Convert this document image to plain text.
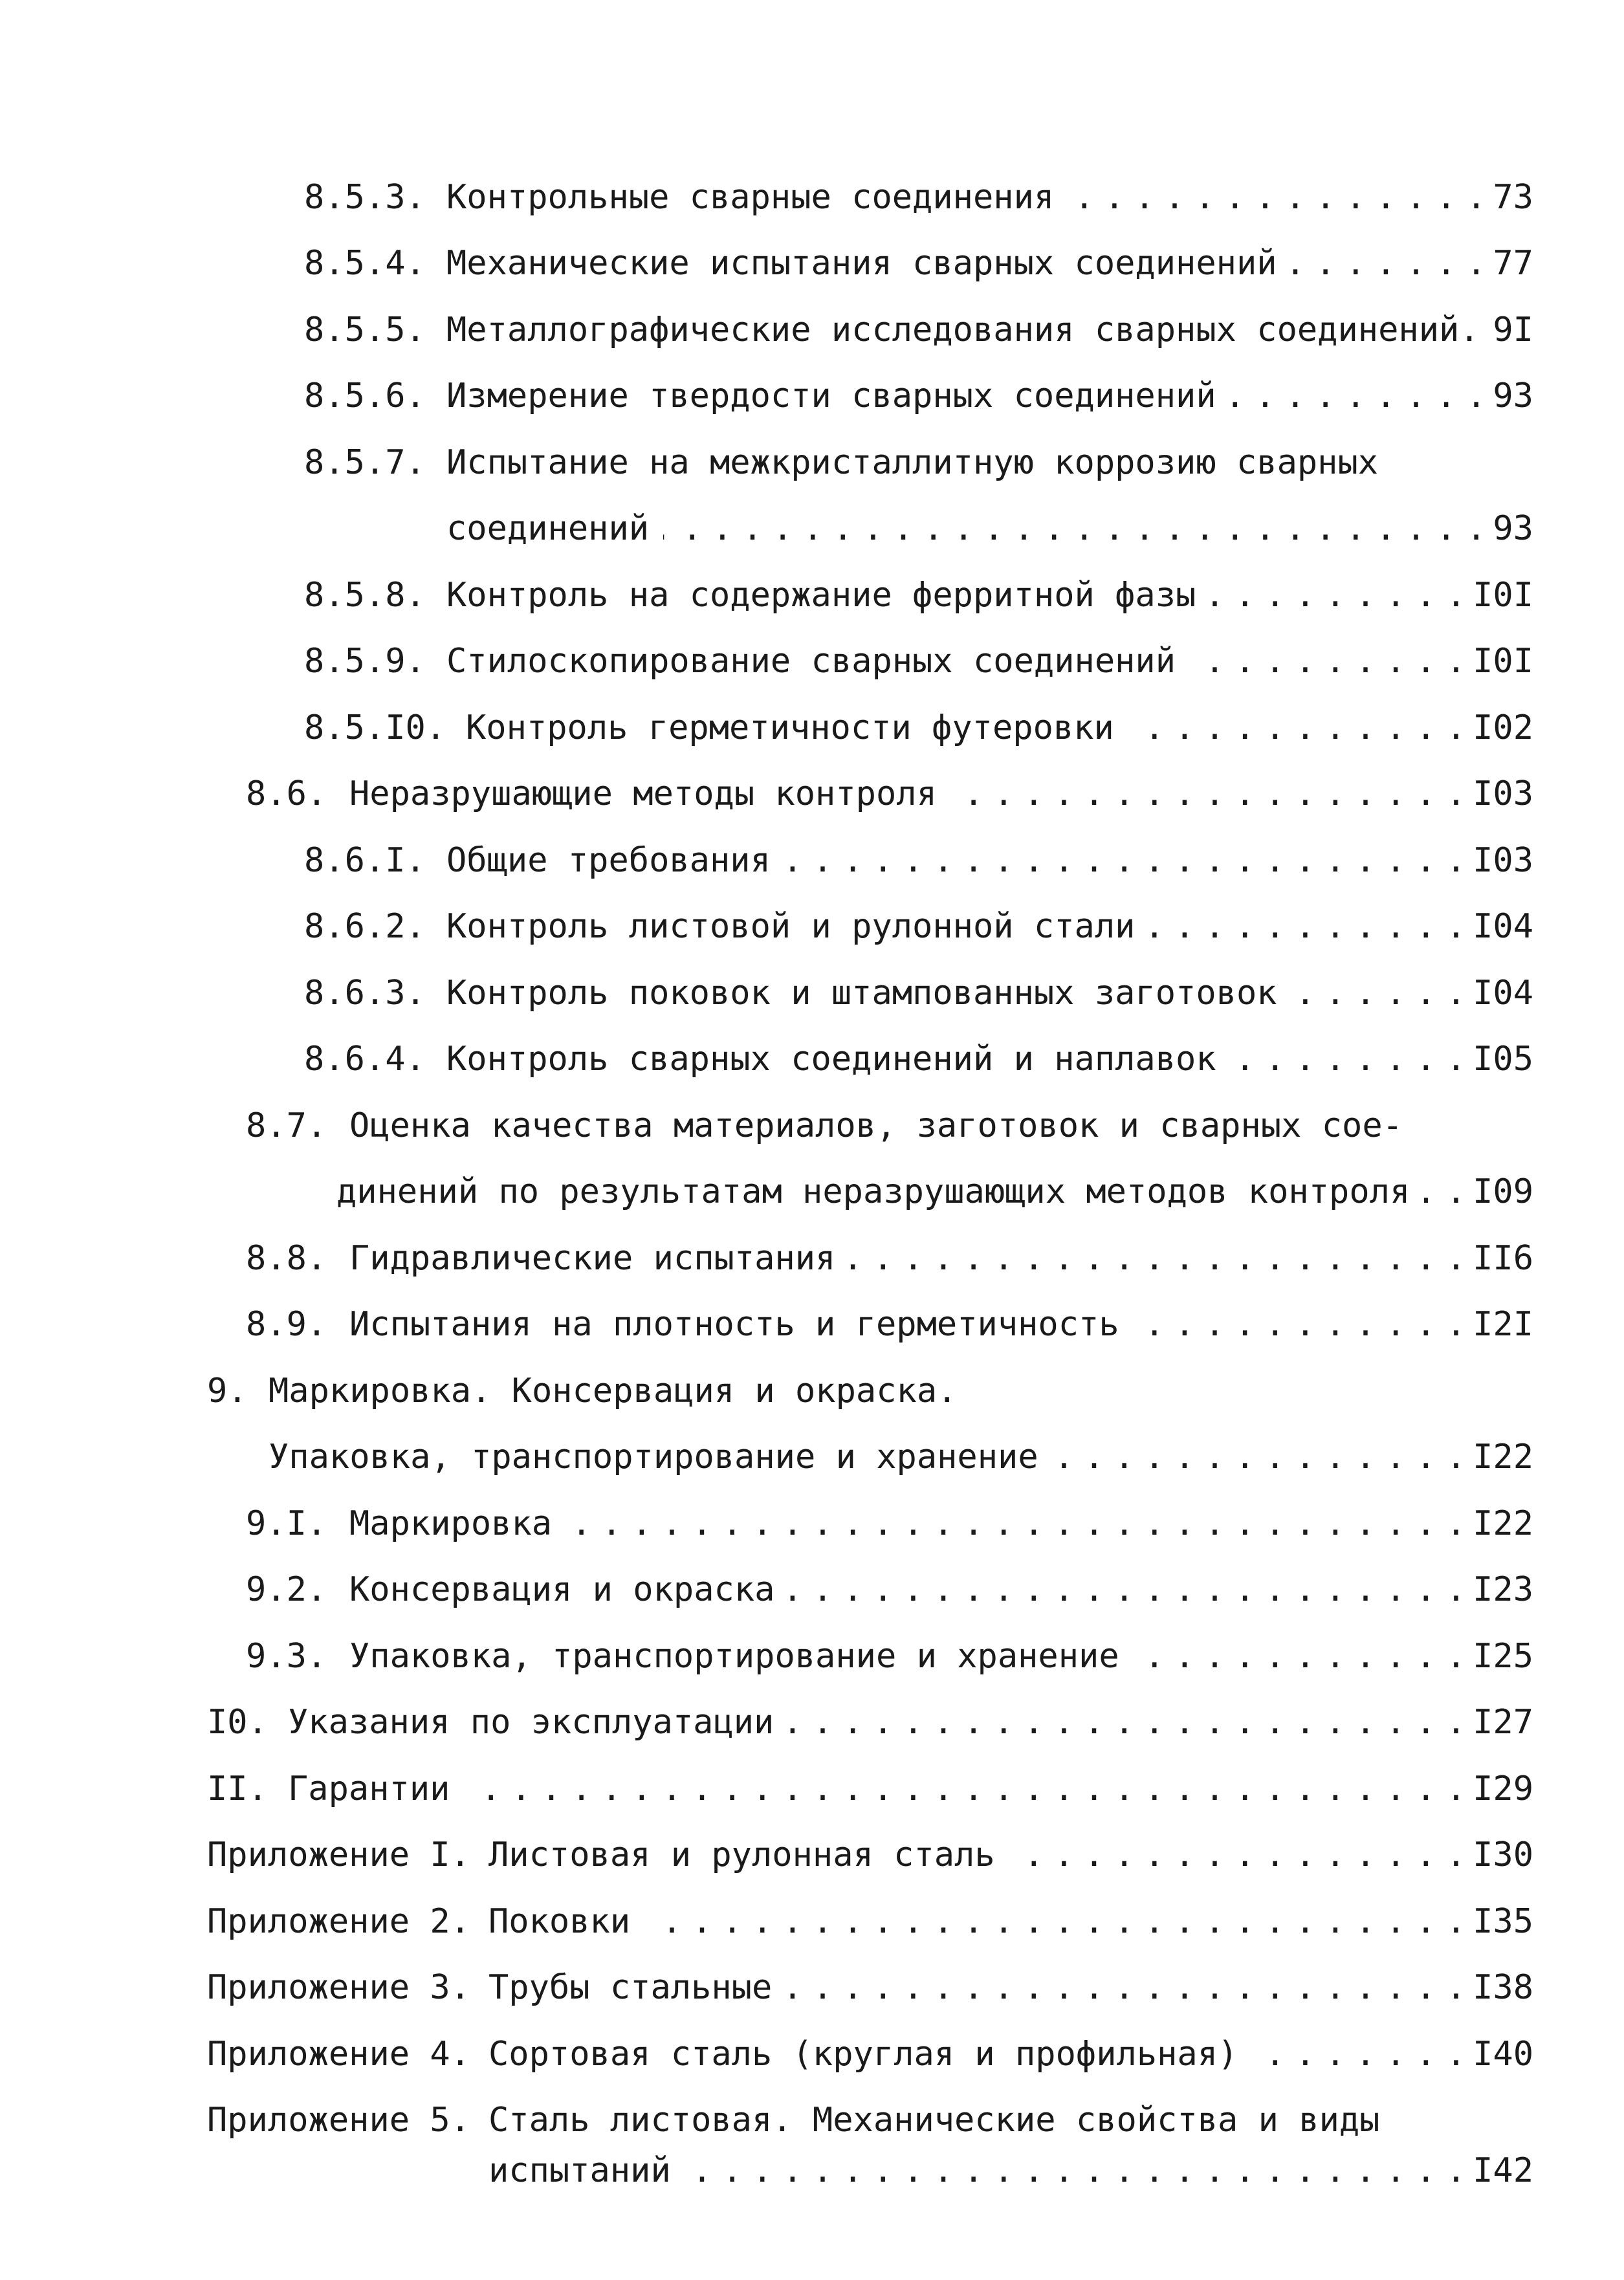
8.5.3. Контрольные сварные соединения	73
. . .
8.5.4. Механические испытания сварных соединений	77
. . .
8.5.5. Металлографические исследования сварных соединений. 9I
8.5.6. Измерение твердости сварных соединений	93
. . .
8.5.7. Испытание на межкристаллитную коррозию сварных
соединений	93
. . .
8.5.8. Контроль на содержание ферритной фазы	I0I
. . .
8.5.9. Стилоскопирование сварных соединений	I0I
. . .
8.5.I0. Контроль герметичности футеровки	I02
. . .
8.6. Неразрушающие методы контроля	I03
. . .
8.6.I. Общие требования	I03
. . .
8.6.2. Контроль листовой и рулонной стали	I04
. . .
8.6.3. Контроль поковок и штампованных заготовок	I04
. . .
8.6.4. Контроль сварных соединений и наплавок	I05
. . .
8.7. Оценка качества материалов, заготовок и сварных сое-
динений по результатам неразрушающих методов контроля I09
. . .
8.8. Гидравлические испытания	II6
. . .
8.9. Испытания на плотность и герметичность	I2I
. . .
9. Маркировка. Консервация и окраска.
Упаковка, транспортирование и хранение	I22
. . .
9.I. Маркировка	I22
. . .
9.2. Консервация и окраска	I23
. . .
9.3. Упаковка, транспортирование и хранение	I25
. . .
I0. Указания по эксплуатации	I27
. . .
II. Гарантии	I29
. . .
Приложение I. Листовая и рулонная сталь	I30
. . .
Приложение 2. Поковки	I35
. . .
Приложение 3. Трубы стальные	I38
. . .
Приложение 4. Сортовая сталь (круглая и профильная)	I40
. . .
Приложение 5. Сталь листовая. Механические свойства и виды
испытаний	I42
. . .
